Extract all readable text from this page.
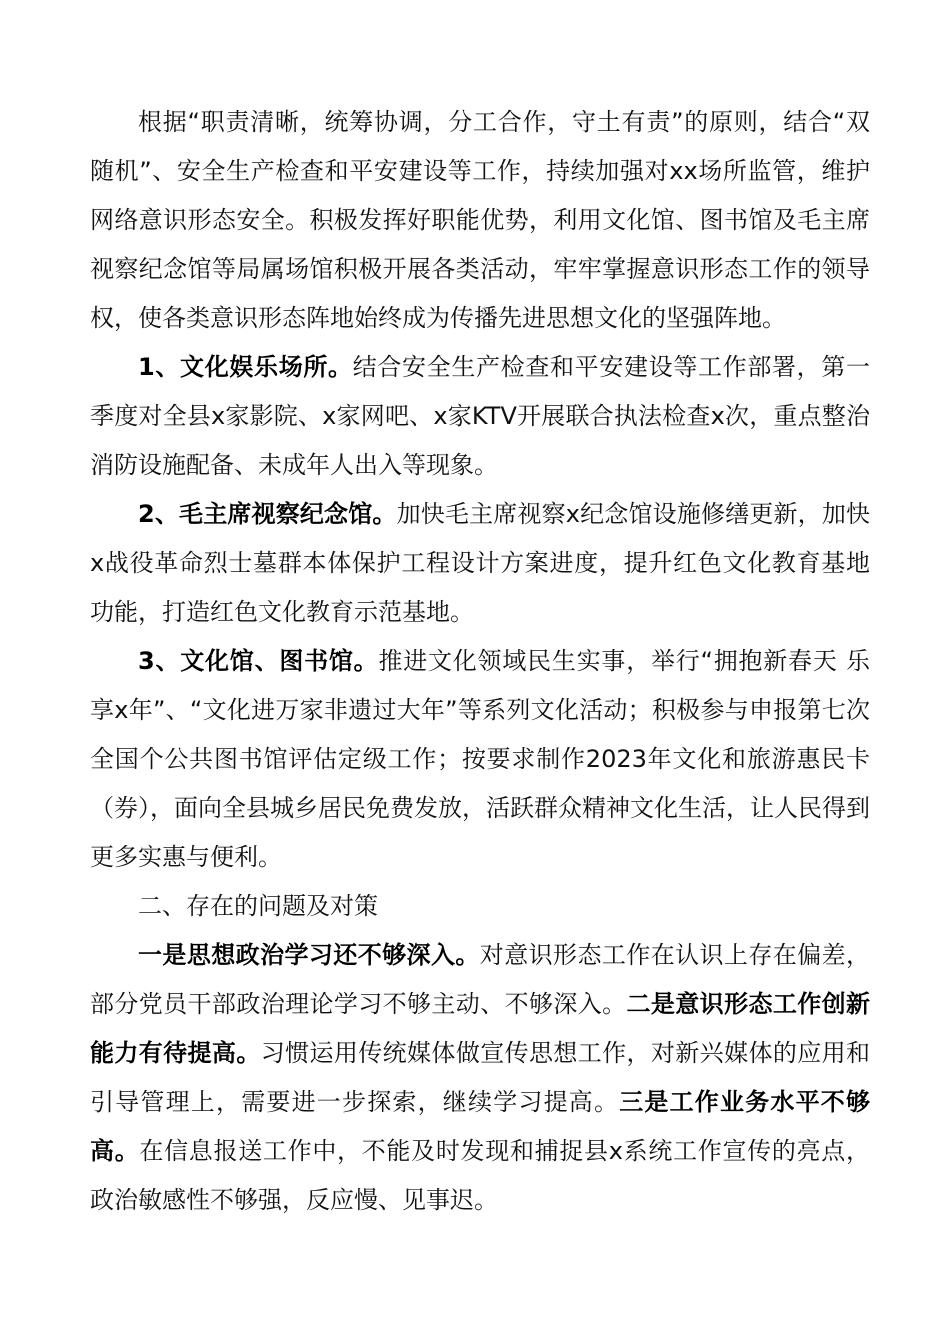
根据“职责清晰，统筹协调，分工合作，守土有责”的原则，结合“双随机”、安全生产检查和平安建设等工作，持续加强对xx场所监管，维护网络意识形态安全。积极发挥好职能优势，利用文化馆、图书馆及毛主席视察纪念馆等局属场馆积极开展各类活动，牢牢掌握意识形态工作的领导权，使各类意识形态阵地始终成为传播先进思想文化的坚强阵地。

1、文化娱乐场所。结合安全生产检查和平安建设等工作部署，第一季度对全县x家影院、x家网吧、x家KTV开展联合执法检查x次，重点整治消防设施配备、未成年人出入等现象。

2、毛主席视察纪念馆。加快毛主席视察x纪念馆设施修缮更新，加快x战役革命烈士墓群本体保护工程设计方案进度，提升红色文化教育基地功能，打造红色文化教育示范基地。

3、文化馆、图书馆。推进文化领域民生实事，举行“拥抱新春天 乐享x年”、“文化进万家非遗过大年”等系列文化活动；积极参与申报第七次全国个公共图书馆评估定级工作；按要求制作2023年文化和旅游惠民卡（券），面向全县城乡居民免费发放，活跃群众精神文化生活，让人民得到更多实惠与便利。

二、存在的问题及对策

一是思想政治学习还不够深入。对意识形态工作在认识上存在偏差，部分党员干部政治理论学习不够主动、不够深入。二是意识形态工作创新能力有待提高。习惯运用传统媒体做宣传思想工作，对新兴媒体的应用和引导管理上，需要进一步探索，继续学习提高。三是工作业务水平不够高。在信息报送工作中，不能及时发现和捕捉县x系统工作宣传的亮点，政治敏感性不够强，反应慢、见事迟。
